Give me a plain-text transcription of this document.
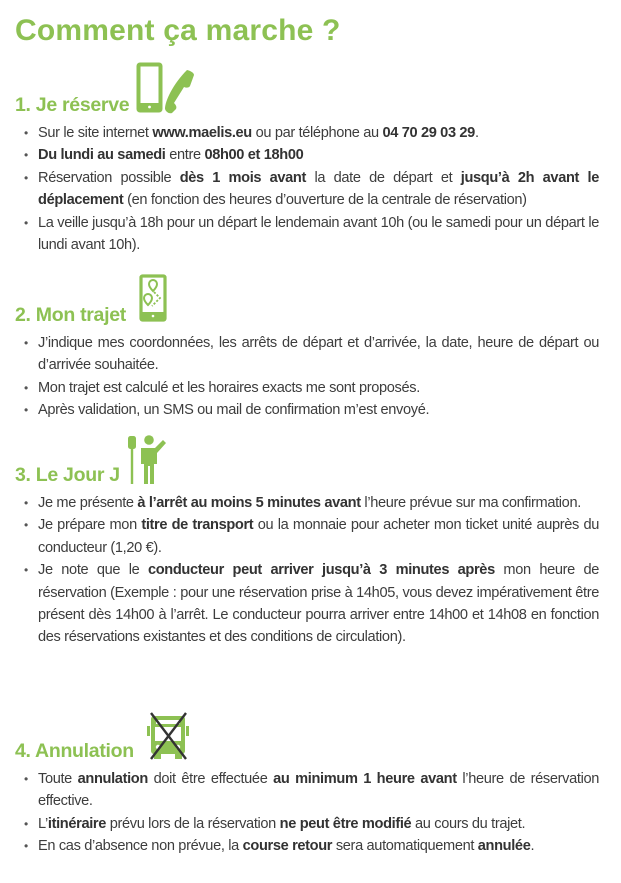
Comment ça marche ?
1. Je réserve
• Sur le site internet www.maelis.eu ou par téléphone au 04 70 29 03 29.
• Du lundi au samedi entre 08h00 et 18h00
• Réservation possible dès 1 mois avant la date de départ et jusqu’à 2h avant le déplacement (en fonction des heures d’ouverture de la centrale de réservation)
• La veille jusqu’à 18h pour un départ le lendemain avant 10h (ou le samedi pour un départ le lundi avant 10h).
2. Mon trajet
• J’indique mes coordonnées, les arrêts de départ et d’arrivée, la date, heure de départ ou d’arrivée souhaitée.
• Mon trajet est calculé et les horaires exacts me sont proposés.
• Après validation, un SMS ou mail de confirmation m’est envoyé.
3. Le Jour J
• Je me présente à l’arrêt au moins 5 minutes avant l’heure prévue sur ma confirmation.
• Je prépare mon titre de transport ou la monnaie pour acheter mon ticket unité auprès du conducteur (1,20 €).
• Je note que le conducteur peut arriver jusqu’à 3 minutes après mon heure de réservation (Exemple : pour une réservation prise à 14h05, vous devez impérativement être présent dès 14h00 à l’arrêt. Le conducteur pourra arriver entre 14h00 et 14h08 en fonction des réservations existantes et des conditions de circulation).
4. Annulation
• Toute annulation doit être effectuée au minimum 1 heure avant l’heure de réservation effective.
• L’itinéraire prévu lors de la réservation ne peut être modifié au cours du trajet.
• En cas d’absence non prévue, la course retour sera automatiquement annulée.
